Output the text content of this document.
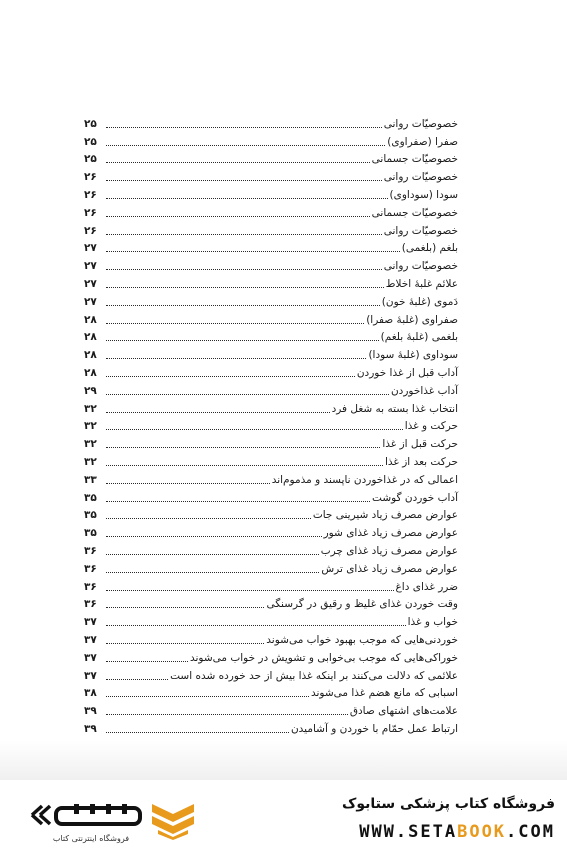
خصوصیّات روانی
۲۵
صفرا (صفراوی)
۲۵
خصوصیّات جسمانی
۲۵
خصوصیّات روانی
۲۶
سودا (سوداوی)
۲۶
خصوصیّات جسمانی
۲۶
خصوصیّات روانی
۲۶
بلغم (بلغمی)
۲۷
خصوصیّات روانی
۲۷
علائم غلبهٔ اخلاط
۲۷
دَموی (غلبهٔ خون)
۲۷
صفراوی (غلبهٔ صفرا)
۲۸
بلغمی (غلبهٔ بلغم)
۲۸
سوداوی (غلبهٔ سودا)
۲۸
آداب قبل از غذا خوردن
۲۸
آداب غذاخوردن
۲۹
انتخاب غذا بسته به شغل فرد
۳۲
حرکت و غذا
۳۲
حرکت قبل از غذا
۳۲
حرکت بعد از غذا
۳۲
اعمالی که در غذاخوردن ناپسند و مذموم‌اند
۳۳
آداب خوردن گوشت
۳۵
عوارض مصرف زیاد شیرینی جات
۳۵
عوارض مصرف زیاد غذای شور
۳۵
عوارض مصرف زیاد غذای چرب
۳۶
عوارض مصرف زیاد غذای ترش
۳۶
ضرر غذای داغ
۳۶
وقت خوردن غذای غلیظ و رقیق در گرسنگی
۳۶
خواب و غذا
۳۷
خوردنی‌هایی که موجب بهبود خواب می‌شوند
۳۷
خوراکی‌هایی که موجب بی‌خوابی و تشویش در خواب می‌شوند
۳۷
علائمی که دلالت می‌کنند بر اینکه غذا بیش از حد خورده شده است
۳۷
اسبابی که مانع هضم غذا می‌شوند
۳۸
علامت‌های اشتهای صادق
۳۹
ارتباط عمل حمّام با خوردن و آشامیدن
۳۹
فروشگاه اینترنتی کتاب
فروشگاه کتاب پزشکی ستابوک
WWW.SETABOOK.COM
